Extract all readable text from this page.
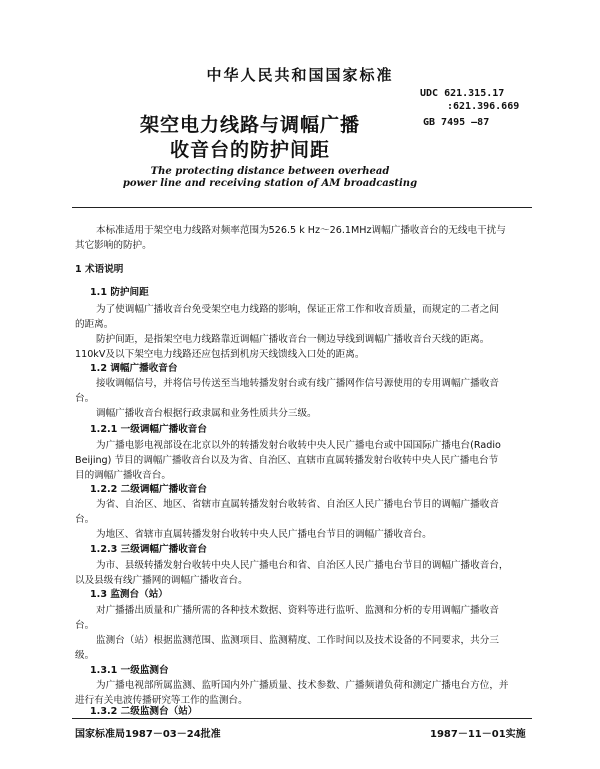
中华人民共和国国家标准
UDC 621.315.17
:621.396.669
GB 7495 —87
架空电力线路与调幅广播
收音台的防护间距
The protecting distance between overhead
power line and receiving station of AM broadcasting
本标准适用于架空电力线路对频率范围为526.5 k Hz～26.1MHz调幅广播收音台的无线电干扰与
其它影响的防护。
1 术语说明
1.1 防护间距
为了使调幅广播收音台免受架空电力线路的影响，保证正常工作和收音质量，而规定的二者之间
的距离。
防护间距，是指架空电力线路靠近调幅广播收音台一侧边导线到调幅广播收音台天线的距离。
110kV及以下架空电力线路还应包括到机房天线馈线入口处的距离。
1.2 调幅广播收音台
接收调幅信号，并将信号传送至当地转播发射台或有线广播网作信号源使用的专用调幅广播收音
台。
调幅广播收音台根据行政隶属和业务性质共分三级。
1.2.1 一级调幅广播收音台
为广播电影电视部设在北京以外的转播发射台收转中央人民广播电台或中国国际广播电台(Radio
Beijing) 节目的调幅广播收音台以及为省、自治区、直辖市直属转播发射台收转中央人民广播电台节
目的调幅广播收音台。
1.2.2 二级调幅广播收音台
为省、自治区、地区、省辖市直属转播发射台收转省、自治区人民广播电台节目的调幅广播收音
台。
为地区、省辖市直属转播发射台收转中央人民广播电台节目的调幅广播收音台。
1.2.3 三级调幅广播收音台
为市、县级转播发射台收转中央人民广播电台和省、自治区人民广播电台节目的调幅广播收音台，
以及县级有线广播网的调幅广播收音台。
1.3 监测台（站）
对广播播出质量和广播所需的各种技术数据、资料等进行监听、监测和分析的专用调幅广播收音
台。
监测台（站）根据监测范围、监测项目、监测精度、工作时间以及技术设备的不同要求，共分三
级。
1.3.1 一级监测台
为广播电视部所属监测、监听国内外广播质量、技术参数、广播频谱负荷和测定广播电台方位，并
进行有关电波传播研究等工作的监测台。
1.3.2 二级监测台（站）
国家标准局1987－03－24批准	1987－11－01实施
